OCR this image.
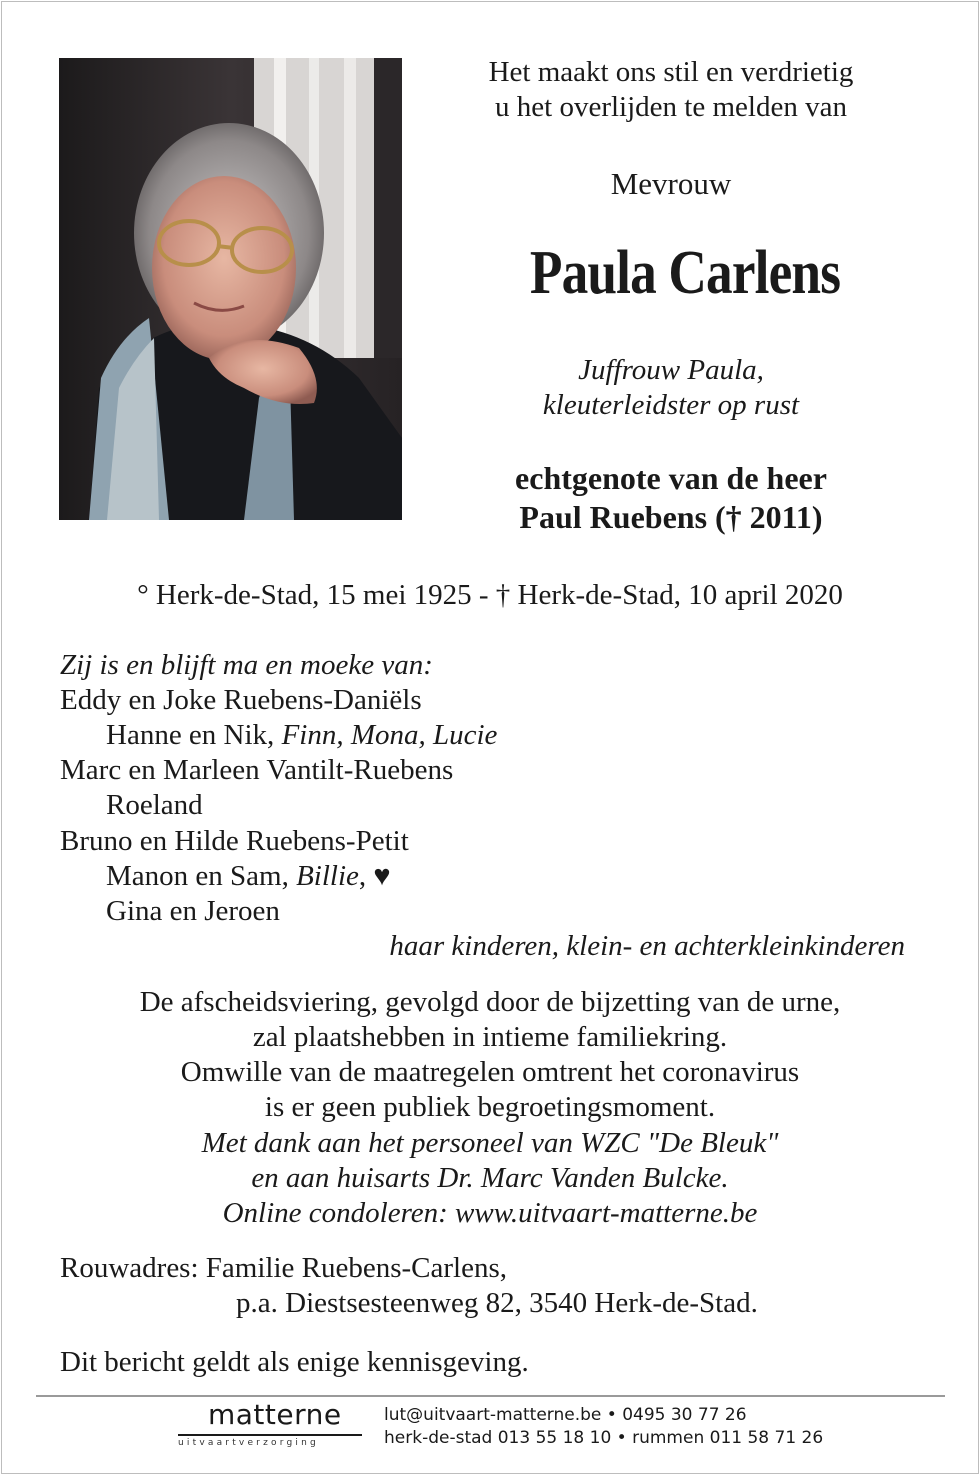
Het maakt ons stil en verdrietig
u het overlijden te melden van
Mevrouw
Paula Carlens
Juffrouw Paula,
kleuterleidster op rust
echtgenote van de heer
Paul Ruebens († 2011)
° Herk-de-Stad, 15 mei 1925 - † Herk-de-Stad, 10 april 2020
Zij is en blijft ma en moeke van:
Eddy en Joke Ruebens-Daniëls
Hanne en Nik, Finn, Mona, Lucie
Marc en Marleen Vantilt-Ruebens
Roeland
Bruno en Hilde Ruebens-Petit
Manon en Sam, Billie, ♥
Gina en Jeroen
haar kinderen, klein- en achterkleinkinderen
De afscheidsviering, gevolgd door de bijzetting van de urne,
zal plaatshebben in intieme familiekring.
Omwille van de maatregelen omtrent het coronavirus
is er geen publiek begroetingsmoment.
Met dank aan het personeel van WZC "De Bleuk"
en aan huisarts Dr. Marc Vanden Bulcke.
Online condoleren: www.uitvaart-matterne.be
Rouwadres: Familie Ruebens-Carlens,
p.a. Diestsesteenweg 82, 3540 Herk-de-Stad.
Dit bericht geldt als enige kennisgeving.
matterne
uitvaartverzorging
lut@uitvaart-matterne.be • 0495 30 77 26
herk-de-stad 013 55 18 10 • rummen 011 58 71 26
